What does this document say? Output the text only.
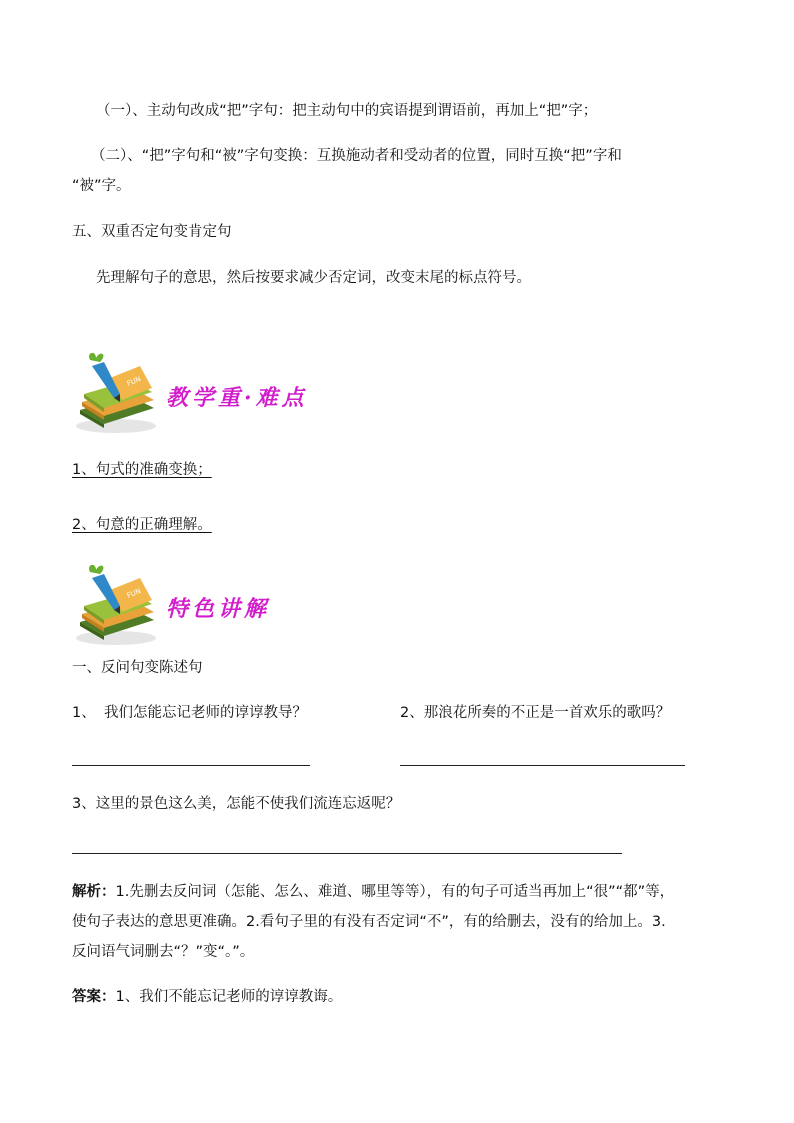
（一）、主动句改成“把”字句：把主动句中的宾语提到谓语前，再加上“把”字；
（二）、“把”字句和“被”字句变换：互换施动者和受动者的位置，同时互换“把”字和
“被”字。
五、双重否定句变肯定句
先理解句子的意思，然后按要求减少否定词，改变末尾的标点符号。
FUN
教学重·难点
1、句式的准确变换；
2、句意的正确理解。
FUN
特色讲解
一、反问句变陈述句
1、 我们怎能忘记老师的谆谆教导？	2、那浪花所奏的不正是一首欢乐的歌吗？
3、这里的景色这么美，怎能不使我们流连忘返呢？
解析：1.先删去反问词（怎能、怎么、难道、哪里等等），有的句子可适当再加上“很”“都”等，
使句子表达的意思更准确。2.看句子里的有没有否定词“不”，有的给删去，没有的给加上。3.
反问语气词删去“？”变“。”。
答案：1、我们不能忘记老师的谆谆教诲。
